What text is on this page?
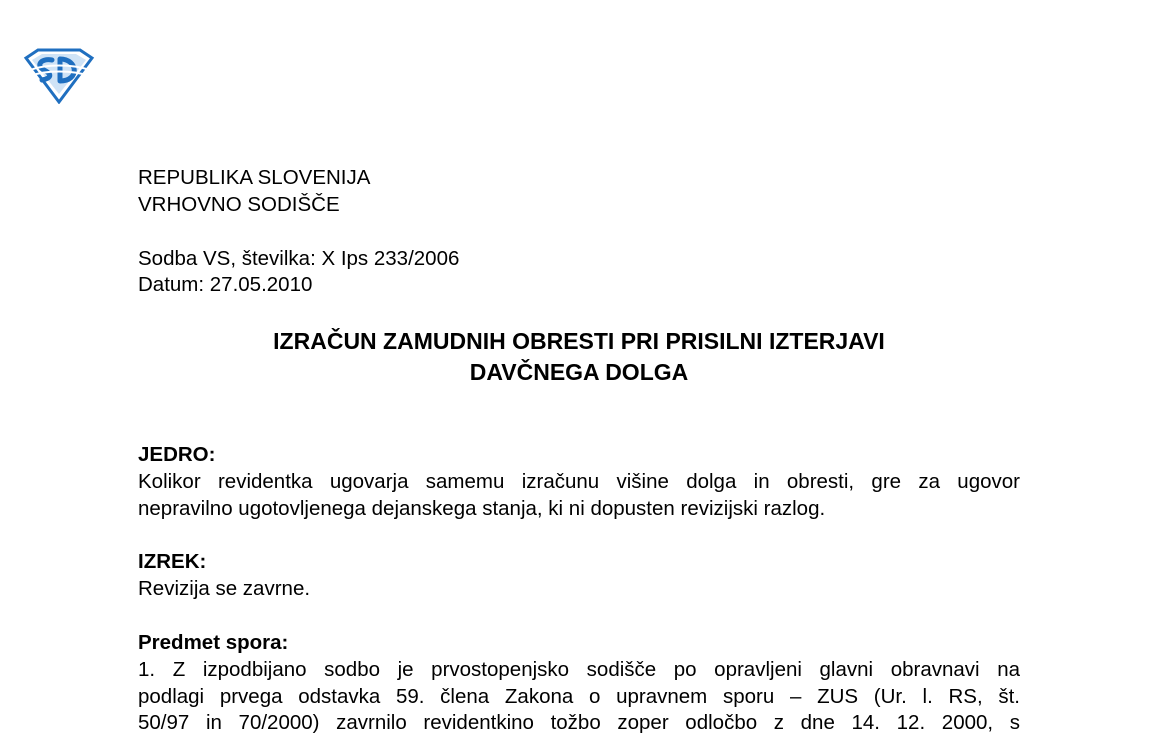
REPUBLIKA SLOVENIJA
VRHOVNO SODIŠČE
Sodba VS, številka: X Ips 233/2006
Datum: 27.05.2010
IZRAČUN ZAMUDNIH OBRESTI PRI PRISILNI IZTERJAVI
DAVČNEGA DOLGA
JEDRO:
Kolikor revidentka ugovarja samemu izračunu višine dolga in obresti, gre za ugovor
nepravilno ugotovljenega dejanskega stanja, ki ni dopusten revizijski razlog.
IZREK:
Revizija se zavrne.
Predmet spora:
1. Z izpodbijano sodbo je prvostopenjsko sodišče po opravljeni glavni obravnavi na
podlagi prvega odstavka 59. člena Zakona o upravnem sporu – ZUS (Ur. l. RS, št.
50/97 in 70/2000) zavrnilo revidentkino tožbo zoper odločbo z dne 14. 12. 2000, s
